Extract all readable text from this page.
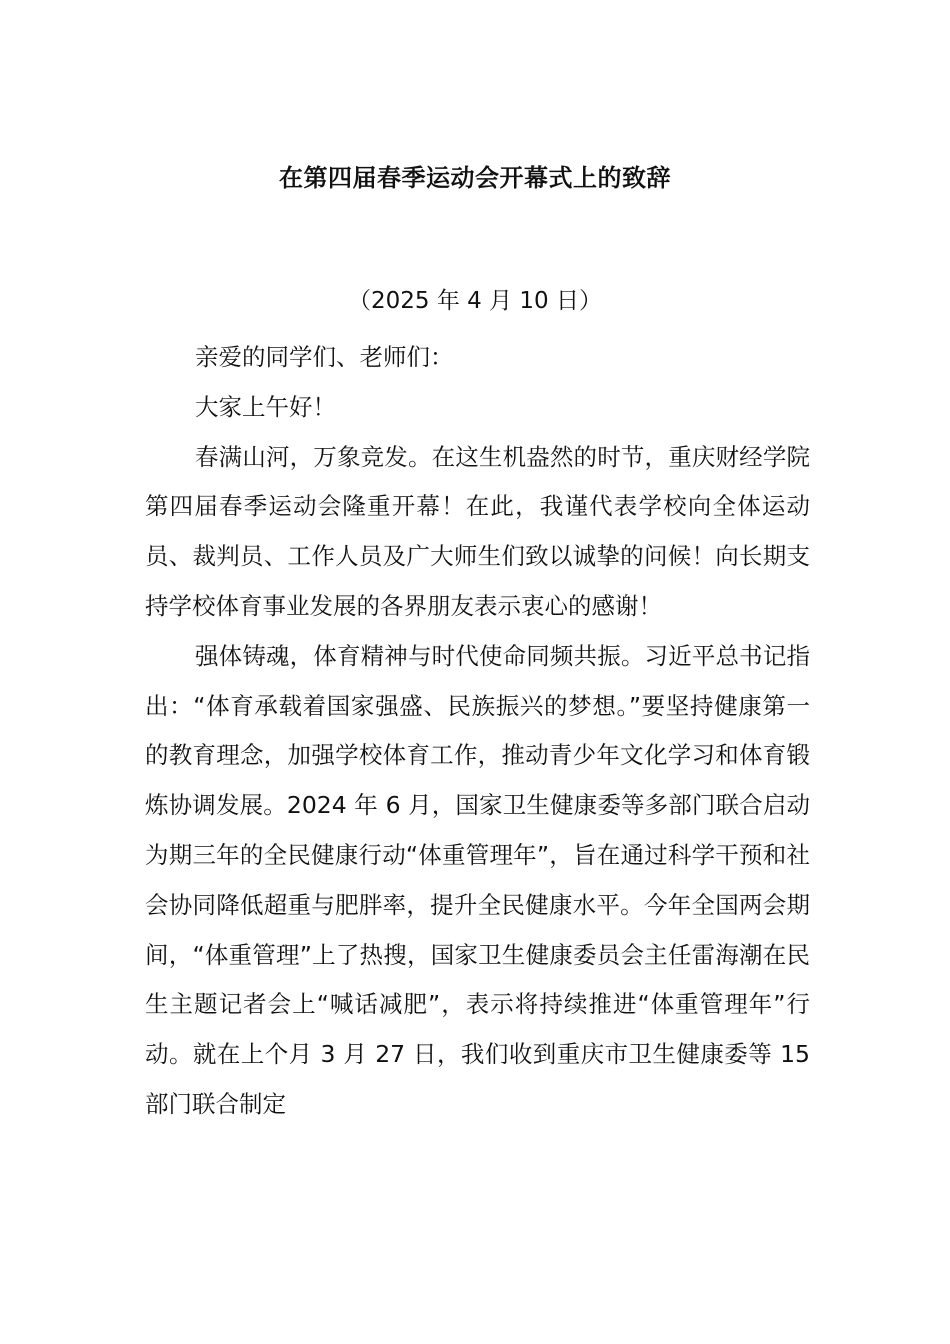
在第四届春季运动会开幕式上的致辞
（2025 年 4 月 10 日）

亲爱的同学们、老师们：

大家上午好！

春满山河，万象竞发。在这生机盎然的时节，重庆财经学院第四届春季运动会隆重开幕！在此，我谨代表学校向全体运动员、裁判员、工作人员及广大师生们致以诚挚的问候！向长期支持学校体育事业发展的各界朋友表示衷心的感谢！

强体铸魂，体育精神与时代使命同频共振。习近平总书记指出：“体育承载着国家强盛、民族振兴的梦想。”要坚持健康第一的教育理念，加强学校体育工作，推动青少年文化学习和体育锻炼协调发展。2024 年 6 月，国家卫生健康委等多部门联合启动为期三年的全民健康行动“体重管理年”，旨在通过科学干预和社会协同降低超重与肥胖率，提升全民健康水平。今年全国两会期间，“体重管理”上了热搜，国家卫生健康委员会主任雷海潮在民生主题记者会上“喊话减肥”，表示将持续推进“体重管理年”行动。就在上个月 3 月 27 日，我们收到重庆市卫生健康委等 15 部门联合制定
